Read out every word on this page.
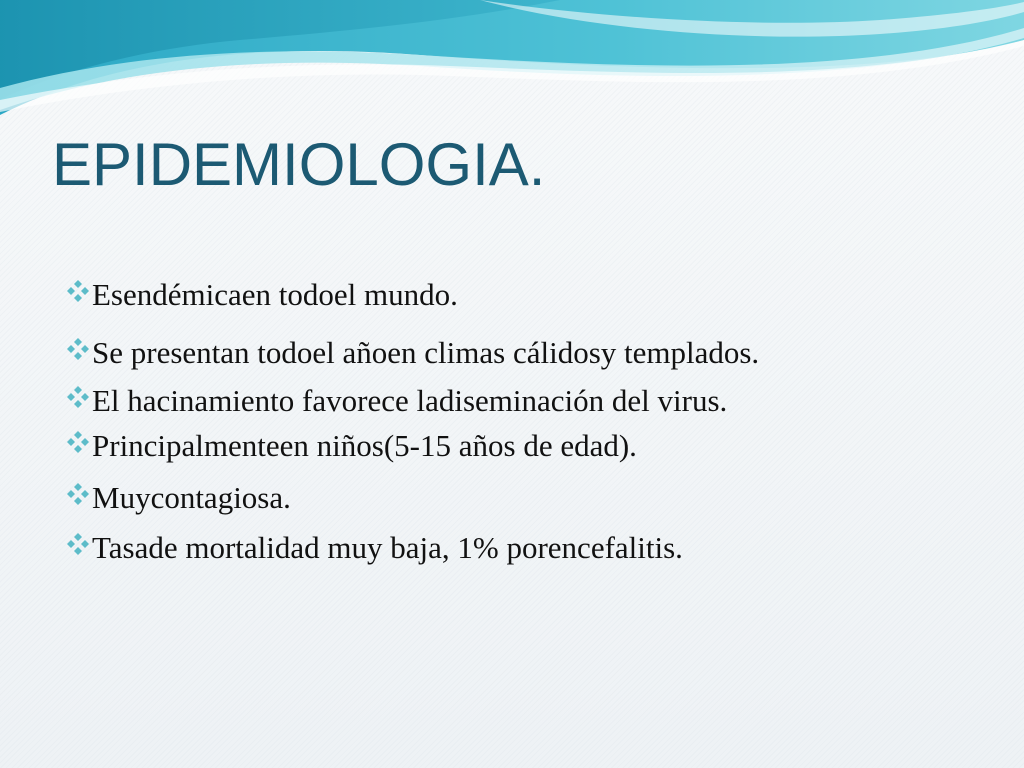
EPIDEMIOLOGIA.
Esendémicaen todoel mundo.
Se presentan todoel añoen climas cálidosy templados.
El hacinamiento favorece ladiseminación del virus.
Principalmenteen niños(5-15 años de edad).
Muycontagiosa.
Tasade mortalidad muy baja, 1% porencefalitis.
